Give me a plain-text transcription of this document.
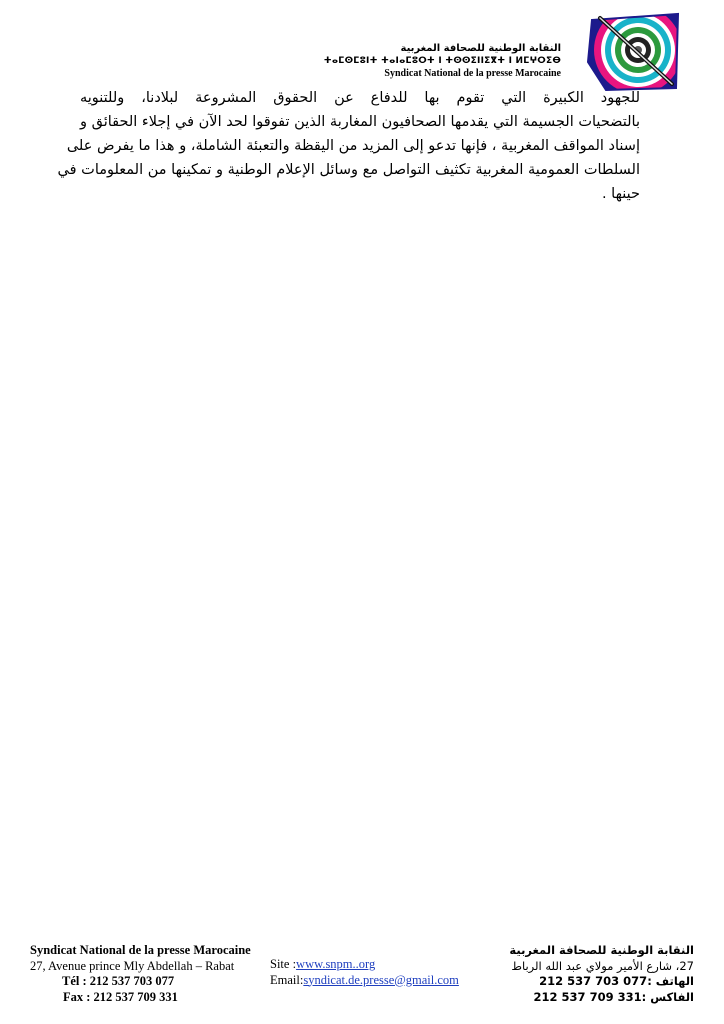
النقابة الوطنية للصحافة المغربية
ⵜⴰⵎⵙⵎⵓⵏⵜ ⵜⴰⵏⴰⵎⵓⵔⵜ ⵏ ⵜⵙⵙⵉⵏⵏⵉⴳⵜ ⵏ ⵍⵎⵖⵔⵉⴱ
Syndicat National de la presse Marocaine
للجهود الكبيرة التي تقوم بها للدفاع عن الحقوق المشروعة لبلادنا، وللتنويه
بالتضحيات الجسيمة التي يقدمها الصحافيون المغاربة الذين تفوقوا لحد الآن في إجلاء الحقائق و
إسناد المواقف المغربية ، فإنها تدعو إلى المزيد من اليقظة والتعبئة الشاملة، و هذا ما يفرض على
السلطات العمومية المغربية تكثيف التواصل مع وسائل الإعلام الوطنية و تمكينها من المعلومات في
حينها .
Syndicat National de la presse Marocaine
27, Avenue prince Mly Abdellah – Rabat
Tél : 212 537 703 077
Fax : 212 537 709 331
Site :www.snpm..org
Email:syndicat.de.presse@gmail.com
النقابة الوطنية للصحافة المغربية
27، شارع الأمير مولاي عبد الله الرباط
الهاتف :212 537 703 077
الفاكس :212 537 709 331
